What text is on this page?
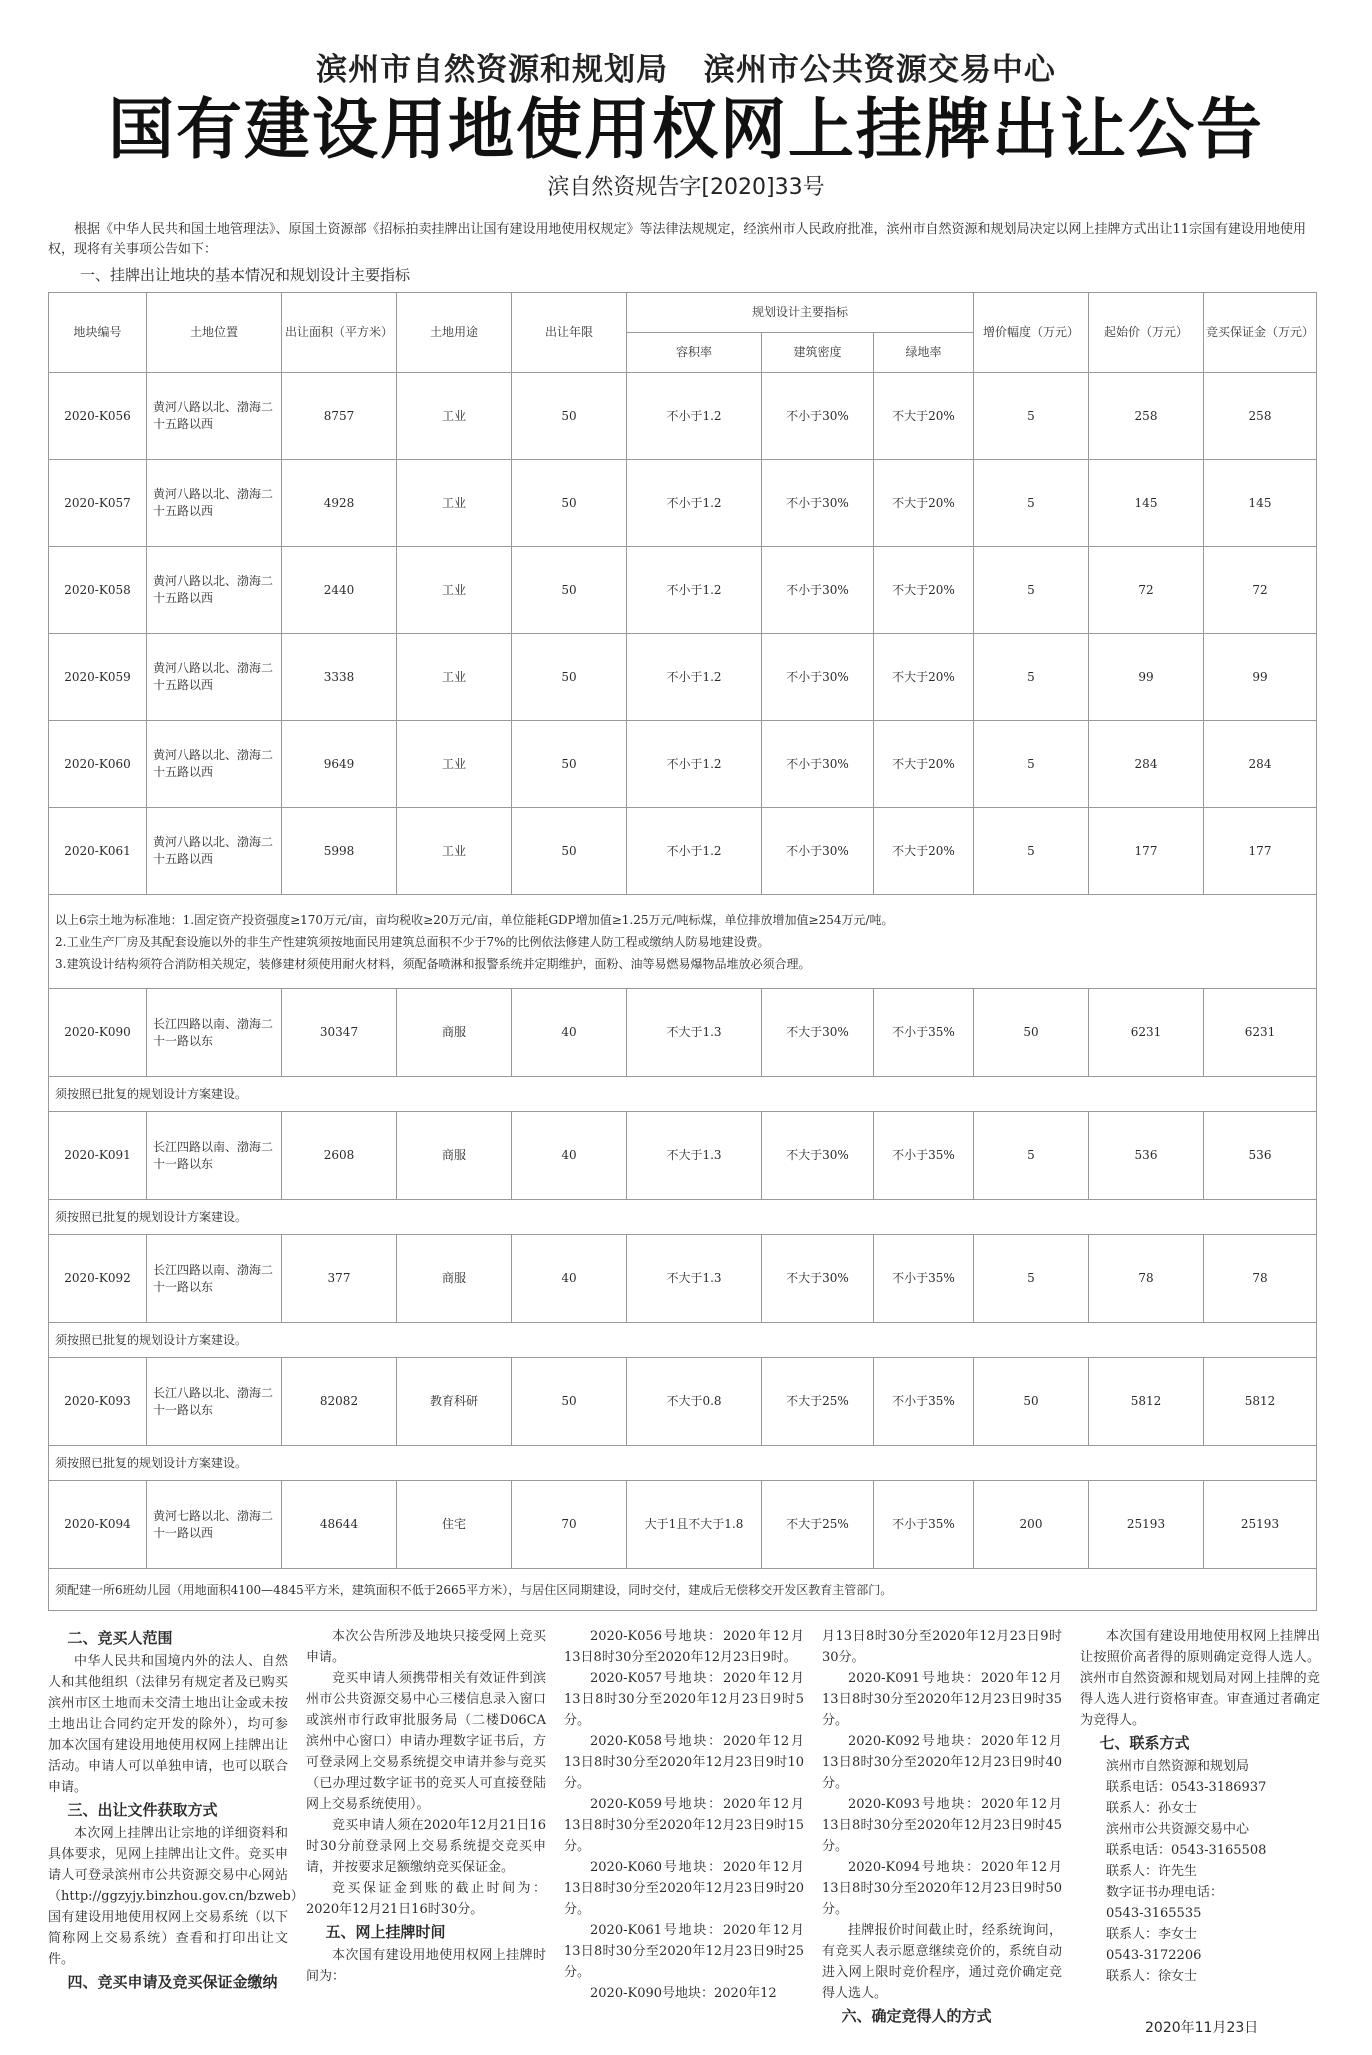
滨州市自然资源和规划局 滨州市公共资源交易中心
国有建设用地使用权网上挂牌出让公告
滨自然资规告字[2020]33号
根据《中华人民共和国土地管理法》、原国土资源部《招标拍卖挂牌出让国有建设用地使用权规定》等法律法规规定，经滨州市人民政府批准，滨州市自然资源和规划局决定以网上挂牌方式出让11宗国有建设用地使用权，现将有关事项公告如下：
一、挂牌出让地块的基本情况和规划设计主要指标
地块编号	土地位置	出让面积（平方米）	土地用途	出让年限	规划设计主要指标			增价幅度（万元）	起始价（万元）	竞买保证金（万元）
					容积率	建筑密度	绿地率			
2020-K056	黄河八路以北、渤海二十五路以西	8757	工业	50	不小于1.2	不小于30%	不大于20%	5	258	258
2020-K057	黄河八路以北、渤海二十五路以西	4928	工业	50	不小于1.2	不小于30%	不大于20%	5	145	145
2020-K058	黄河八路以北、渤海二十五路以西	2440	工业	50	不小于1.2	不小于30%	不大于20%	5	72	72
2020-K059	黄河八路以北、渤海二十五路以西	3338	工业	50	不小于1.2	不小于30%	不大于20%	5	99	99
2020-K060	黄河八路以北、渤海二十五路以西	9649	工业	50	不小于1.2	不小于30%	不大于20%	5	284	284
2020-K061	黄河八路以北、渤海二十五路以西	5998	工业	50	不小于1.2	不小于30%	不大于20%	5	177	177

以上6宗土地为标准地：1.固定资产投资强度≥170万元/亩，亩均税收≥20万元/亩，单位能耗GDP增加值≥1.25万元/吨标煤，单位排放增加值≥254万元/吨。
2.工业生产厂房及其配套设施以外的非生产性建筑须按地面民用建筑总面积不少于7%的比例依法修建人防工程或缴纳人防易地建设费。
3.建筑设计结构须符合消防相关规定，装修建材须使用耐火材料，须配备喷淋和报警系统并定期维护，面粉、油等易燃易爆物品堆放必须合理。										

2020-K090	长江四路以南、渤海二十一路以东	30347	商服	40	不大于1.3	不大于30%	不小于35%	50	6231	6231
须按照已批复的规划设计方案建设。										
2020-K091	长江四路以南、渤海二十一路以东	2608	商服	40	不大于1.3	不大于30%	不小于35%	5	536	536
须按照已批复的规划设计方案建设。										
2020-K092	长江四路以南、渤海二十一路以东	377	商服	40	不大于1.3	不大于30%	不小于35%	5	78	78
须按照已批复的规划设计方案建设。										
2020-K093	长江八路以北、渤海二十一路以东	82082	教育科研	50	不大于0.8	不大于25%	不小于35%	50	5812	5812
须按照已批复的规划设计方案建设。										
2020-K094	黄河七路以北、渤海二十一路以西	48644	住宅	70	大于1且不大于1.8	不大于25%	不小于35%	200	25193	25193
须配建一所6班幼儿园（用地面积4100—4845平方米，建筑面积不低于2665平方米），与居住区同期建设，同时交付，建成后无偿移交开发区教育主管部门。										
二、竞买人范围

中华人民共和国境内外的法人、自然人和其他组织（法律另有规定者及已购买滨州市区土地而未交清土地出让金或未按土地出让合同约定开发的除外），均可参加本次国有建设用地使用权网上挂牌出让活动。申请人可以单独申请，也可以联合申请。

三、出让文件获取方式

本次网上挂牌出让宗地的详细资料和具体要求，见网上挂牌出让文件。竞买申请人可登录滨州市公共资源交易中心网站（http://ggzyjy.binzhou.gov.cn/bzweb）国有建设用地使用权网上交易系统（以下简称网上交易系统）查看和打印出让文件。

四、竞买申请及竞买保证金缴纳

本次公告所涉及地块只接受网上竞买申请。

竞买申请人须携带相关有效证件到滨州市公共资源交易中心三楼信息录入窗口或滨州市行政审批服务局（二楼D06CA滨州中心窗口）申请办理数字证书后，方可登录网上交易系统提交申请并参与竞买（已办理过数字证书的竞买人可直接登陆网上交易系统使用）。

竞买申请人须在2020年12月21日16时30分前登录网上交易系统提交竞买申请，并按要求足额缴纳竞买保证金。

竞买保证金到账的截止时间为：2020年12月21日16时30分。

五、网上挂牌时间

本次国有建设用地使用权网上挂牌时间为：

2020-K056号地块：2020年12月13日8时30分至2020年12月23日9时。

2020-K057号地块：2020年12月13日8时30分至2020年12月23日9时5分。

2020-K058号地块：2020年12月13日8时30分至2020年12月23日9时10分。

2020-K059号地块：2020年12月13日8时30分至2020年12月23日9时15分。

2020-K060号地块：2020年12月13日8时30分至2020年12月23日9时20分。

2020-K061号地块：2020年12月13日8时30分至2020年12月23日9时25分。

2020-K090号地块：2020年12

月13日8时30分至2020年12月23日9时30分。

2020-K091号地块：2020年12月13日8时30分至2020年12月23日9时35分。

2020-K092号地块：2020年12月13日8时30分至2020年12月23日9时40分。

2020-K093号地块：2020年12月13日8时30分至2020年12月23日9时45分。

2020-K094号地块：2020年12月13日8时30分至2020年12月23日9时50分。

挂牌报价时间截止时，经系统询问，有竞买人表示愿意继续竞价的，系统自动进入网上限时竞价程序，通过竞价确定竞得人选人。

六、确定竞得人的方式

本次国有建设用地使用权网上挂牌出让按照价高者得的原则确定竞得人选人。滨州市自然资源和规划局对网上挂牌的竞得人选人进行资格审查。审查通过者确定为竞得人。

七、联系方式

滨州市自然资源和规划局

联系电话：0543-3186937

联系人：孙女士

滨州市公共资源交易中心

联系电话：0543-3165508

联系人：许先生

数字证书办理电话：

0543-3165535

联系人：李女士

0543-3172206

联系人：徐女士

2020年11月23日
